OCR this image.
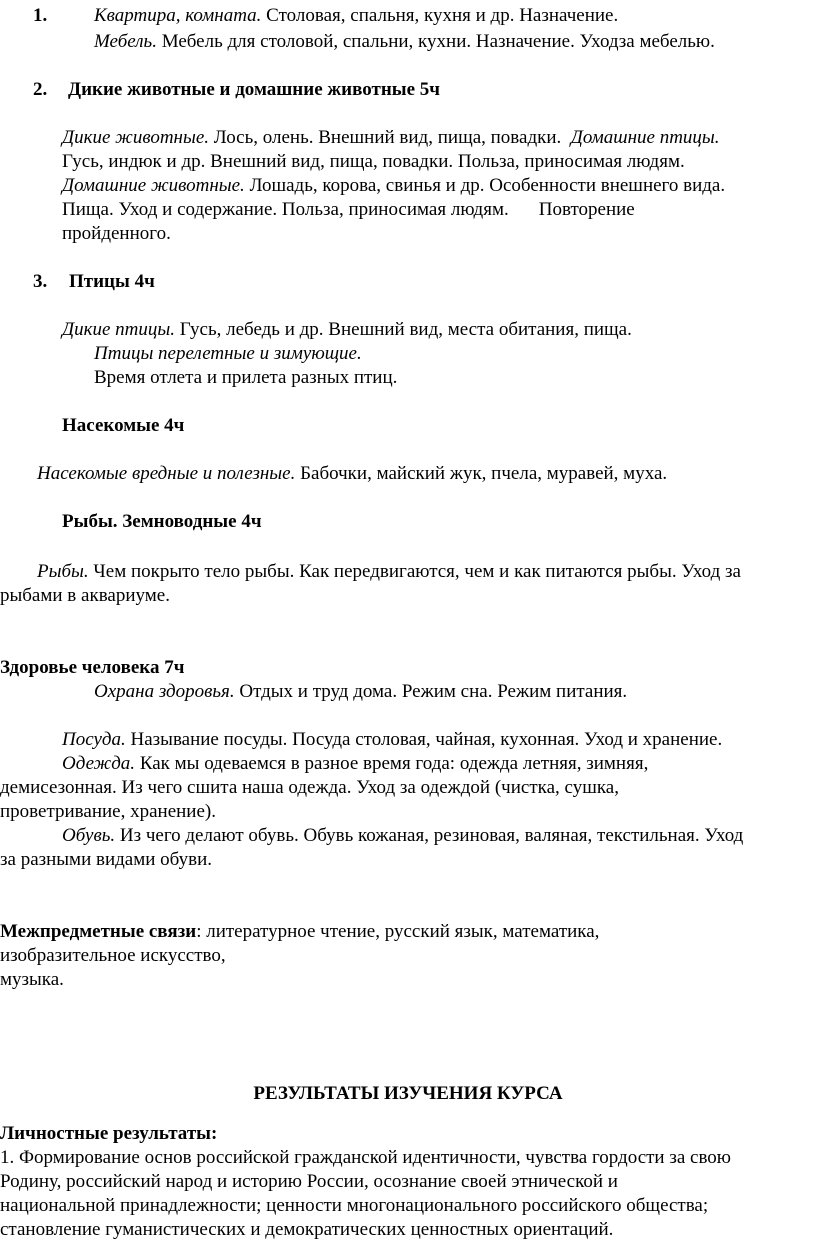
1. Квартира, комната. Столовая, спальня, кухня и др. Назначение.
Мебель. Мебель для столовой, спальни, кухни. Назначение. Уходза мебелью.
2. Дикие животные и домашние животные 5ч
Дикие животные. Лось, олень. Внешний вид, пища, повадки. Домашние птицы.
Гусь, индюк и др. Внешний вид, пища, повадки. Польза, приносимая людям.
Домашние животные. Лошадь, корова, свинья и др. Особенности внешнего вида.
Пища. Уход и содержание. Польза, приносимая людям. Повторение
пройденного.
3. Птицы 4ч
Дикие птицы. Гусь, лебедь и др. Внешний вид, места обитания, пища.
Птицы перелетные и зимующие.
Время отлета и прилета разных птиц.
Насекомые 4ч
Насекомые вредные и полезные. Бабочки, майский жук, пчела, муравей, муха.
Рыбы. Земноводные 4ч
Рыбы. Чем покрыто тело рыбы. Как передвигаются, чем и как питаются рыбы. Уход за
рыбами в аквариуме.
Здоровье человека 7ч
Охрана здоровья. Отдых и труд дома. Режим сна. Режим питания.
Посуда. Называние посуды. Посуда столовая, чайная, кухонная. Уход и хранение.
Одежда. Как мы одеваемся в разное время года: одежда летняя, зимняя,
демисезонная. Из чего сшита наша одежда. Уход за одеждой (чистка, сушка,
проветривание, хранение).
Обувь. Из чего делают обувь. Обувь кожаная, резиновая, валяная, текстильная. Уход
за разными видами обуви.
Межпредметные связи: литературное чтение, русский язык, математика,
изобразительное искусство,
музыка.
РЕЗУЛЬТАТЫ ИЗУЧЕНИЯ КУРСА
Личностные результаты:
1. Формирование основ российской гражданской идентичности, чувства гордости за свою
Родину, российский народ и историю России, осознание своей этнической и
национальной принадлежности; ценности многонационального российского общества;
становление гуманистических и демократических ценностных ориентаций.
